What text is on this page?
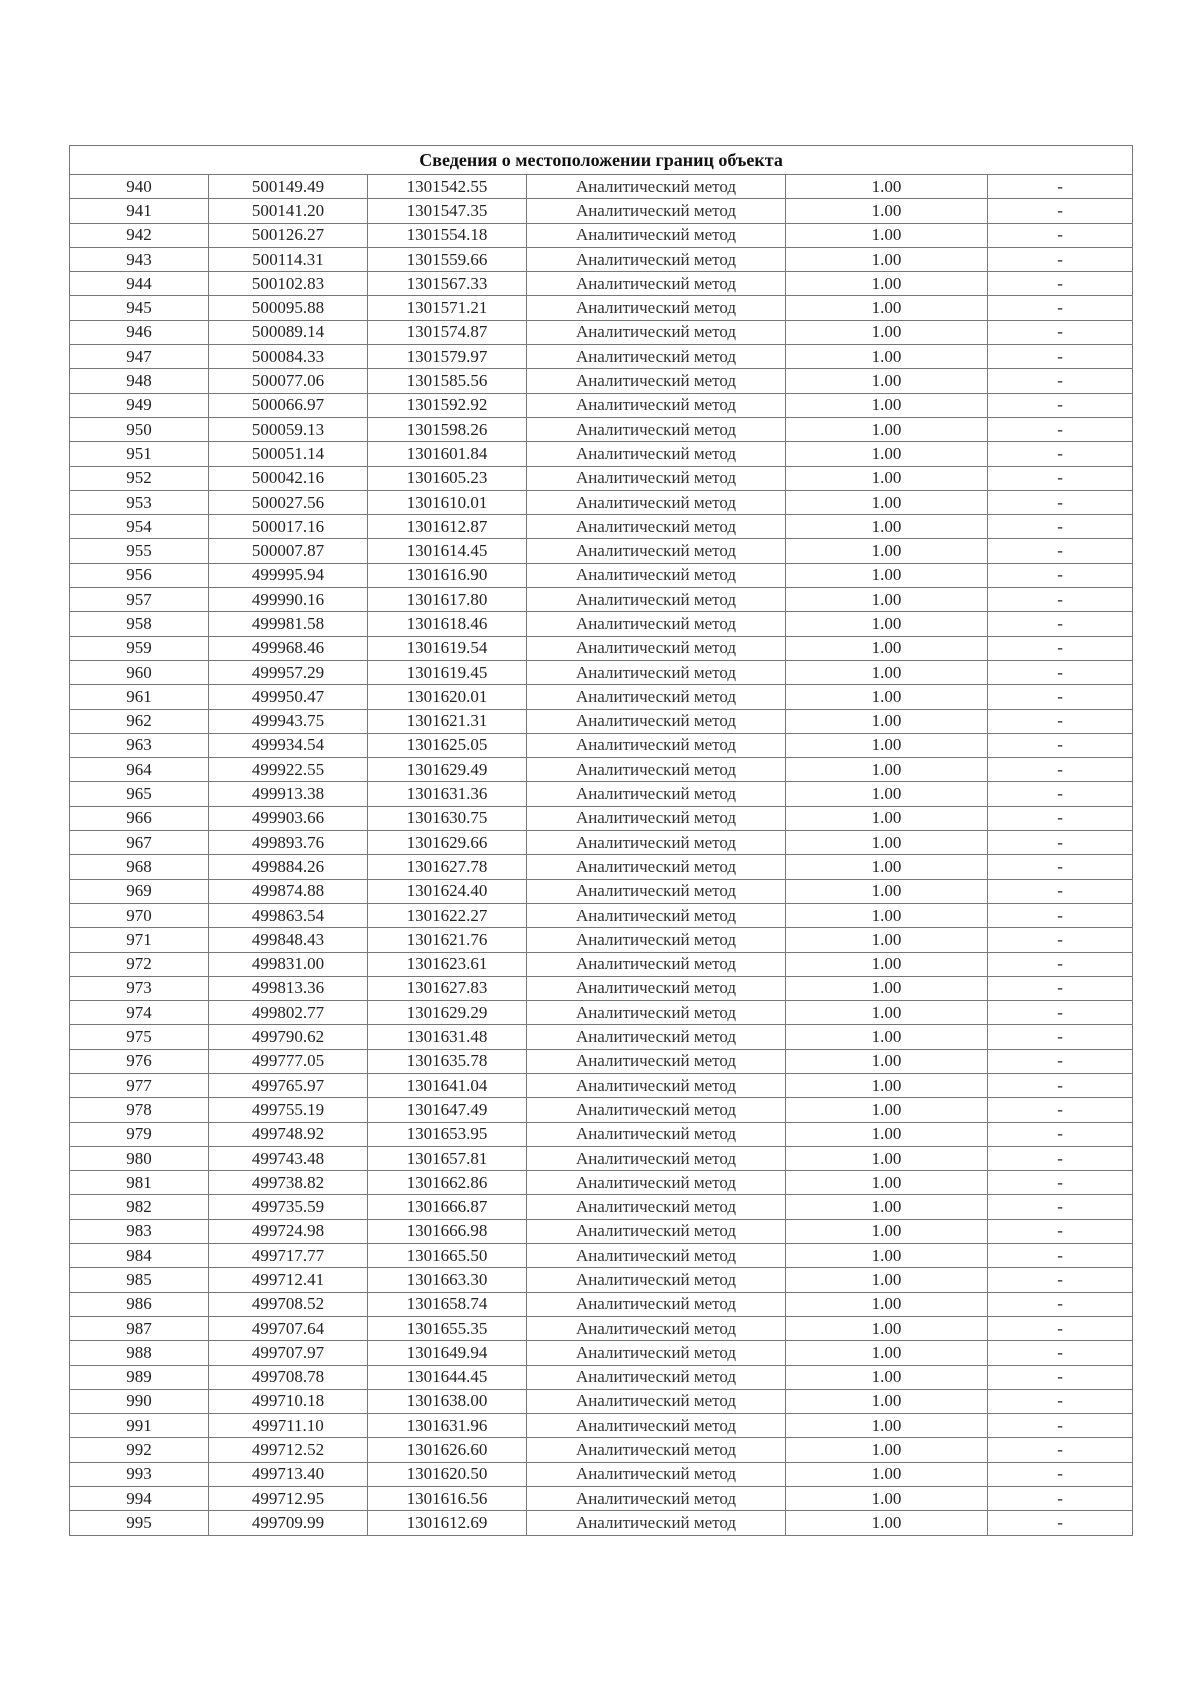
Сведения о местоположении границ объекта					
940	500149.49	1301542.55	Аналитический метод	1.00	-
941	500141.20	1301547.35	Аналитический метод	1.00	-
942	500126.27	1301554.18	Аналитический метод	1.00	-
943	500114.31	1301559.66	Аналитический метод	1.00	-
944	500102.83	1301567.33	Аналитический метод	1.00	-
945	500095.88	1301571.21	Аналитический метод	1.00	-
946	500089.14	1301574.87	Аналитический метод	1.00	-
947	500084.33	1301579.97	Аналитический метод	1.00	-
948	500077.06	1301585.56	Аналитический метод	1.00	-
949	500066.97	1301592.92	Аналитический метод	1.00	-
950	500059.13	1301598.26	Аналитический метод	1.00	-
951	500051.14	1301601.84	Аналитический метод	1.00	-
952	500042.16	1301605.23	Аналитический метод	1.00	-
953	500027.56	1301610.01	Аналитический метод	1.00	-
954	500017.16	1301612.87	Аналитический метод	1.00	-
955	500007.87	1301614.45	Аналитический метод	1.00	-
956	499995.94	1301616.90	Аналитический метод	1.00	-
957	499990.16	1301617.80	Аналитический метод	1.00	-
958	499981.58	1301618.46	Аналитический метод	1.00	-
959	499968.46	1301619.54	Аналитический метод	1.00	-
960	499957.29	1301619.45	Аналитический метод	1.00	-
961	499950.47	1301620.01	Аналитический метод	1.00	-
962	499943.75	1301621.31	Аналитический метод	1.00	-
963	499934.54	1301625.05	Аналитический метод	1.00	-
964	499922.55	1301629.49	Аналитический метод	1.00	-
965	499913.38	1301631.36	Аналитический метод	1.00	-
966	499903.66	1301630.75	Аналитический метод	1.00	-
967	499893.76	1301629.66	Аналитический метод	1.00	-
968	499884.26	1301627.78	Аналитический метод	1.00	-
969	499874.88	1301624.40	Аналитический метод	1.00	-
970	499863.54	1301622.27	Аналитический метод	1.00	-
971	499848.43	1301621.76	Аналитический метод	1.00	-
972	499831.00	1301623.61	Аналитический метод	1.00	-
973	499813.36	1301627.83	Аналитический метод	1.00	-
974	499802.77	1301629.29	Аналитический метод	1.00	-
975	499790.62	1301631.48	Аналитический метод	1.00	-
976	499777.05	1301635.78	Аналитический метод	1.00	-
977	499765.97	1301641.04	Аналитический метод	1.00	-
978	499755.19	1301647.49	Аналитический метод	1.00	-
979	499748.92	1301653.95	Аналитический метод	1.00	-
980	499743.48	1301657.81	Аналитический метод	1.00	-
981	499738.82	1301662.86	Аналитический метод	1.00	-
982	499735.59	1301666.87	Аналитический метод	1.00	-
983	499724.98	1301666.98	Аналитический метод	1.00	-
984	499717.77	1301665.50	Аналитический метод	1.00	-
985	499712.41	1301663.30	Аналитический метод	1.00	-
986	499708.52	1301658.74	Аналитический метод	1.00	-
987	499707.64	1301655.35	Аналитический метод	1.00	-
988	499707.97	1301649.94	Аналитический метод	1.00	-
989	499708.78	1301644.45	Аналитический метод	1.00	-
990	499710.18	1301638.00	Аналитический метод	1.00	-
991	499711.10	1301631.96	Аналитический метод	1.00	-
992	499712.52	1301626.60	Аналитический метод	1.00	-
993	499713.40	1301620.50	Аналитический метод	1.00	-
994	499712.95	1301616.56	Аналитический метод	1.00	-
995	499709.99	1301612.69	Аналитический метод	1.00	-
